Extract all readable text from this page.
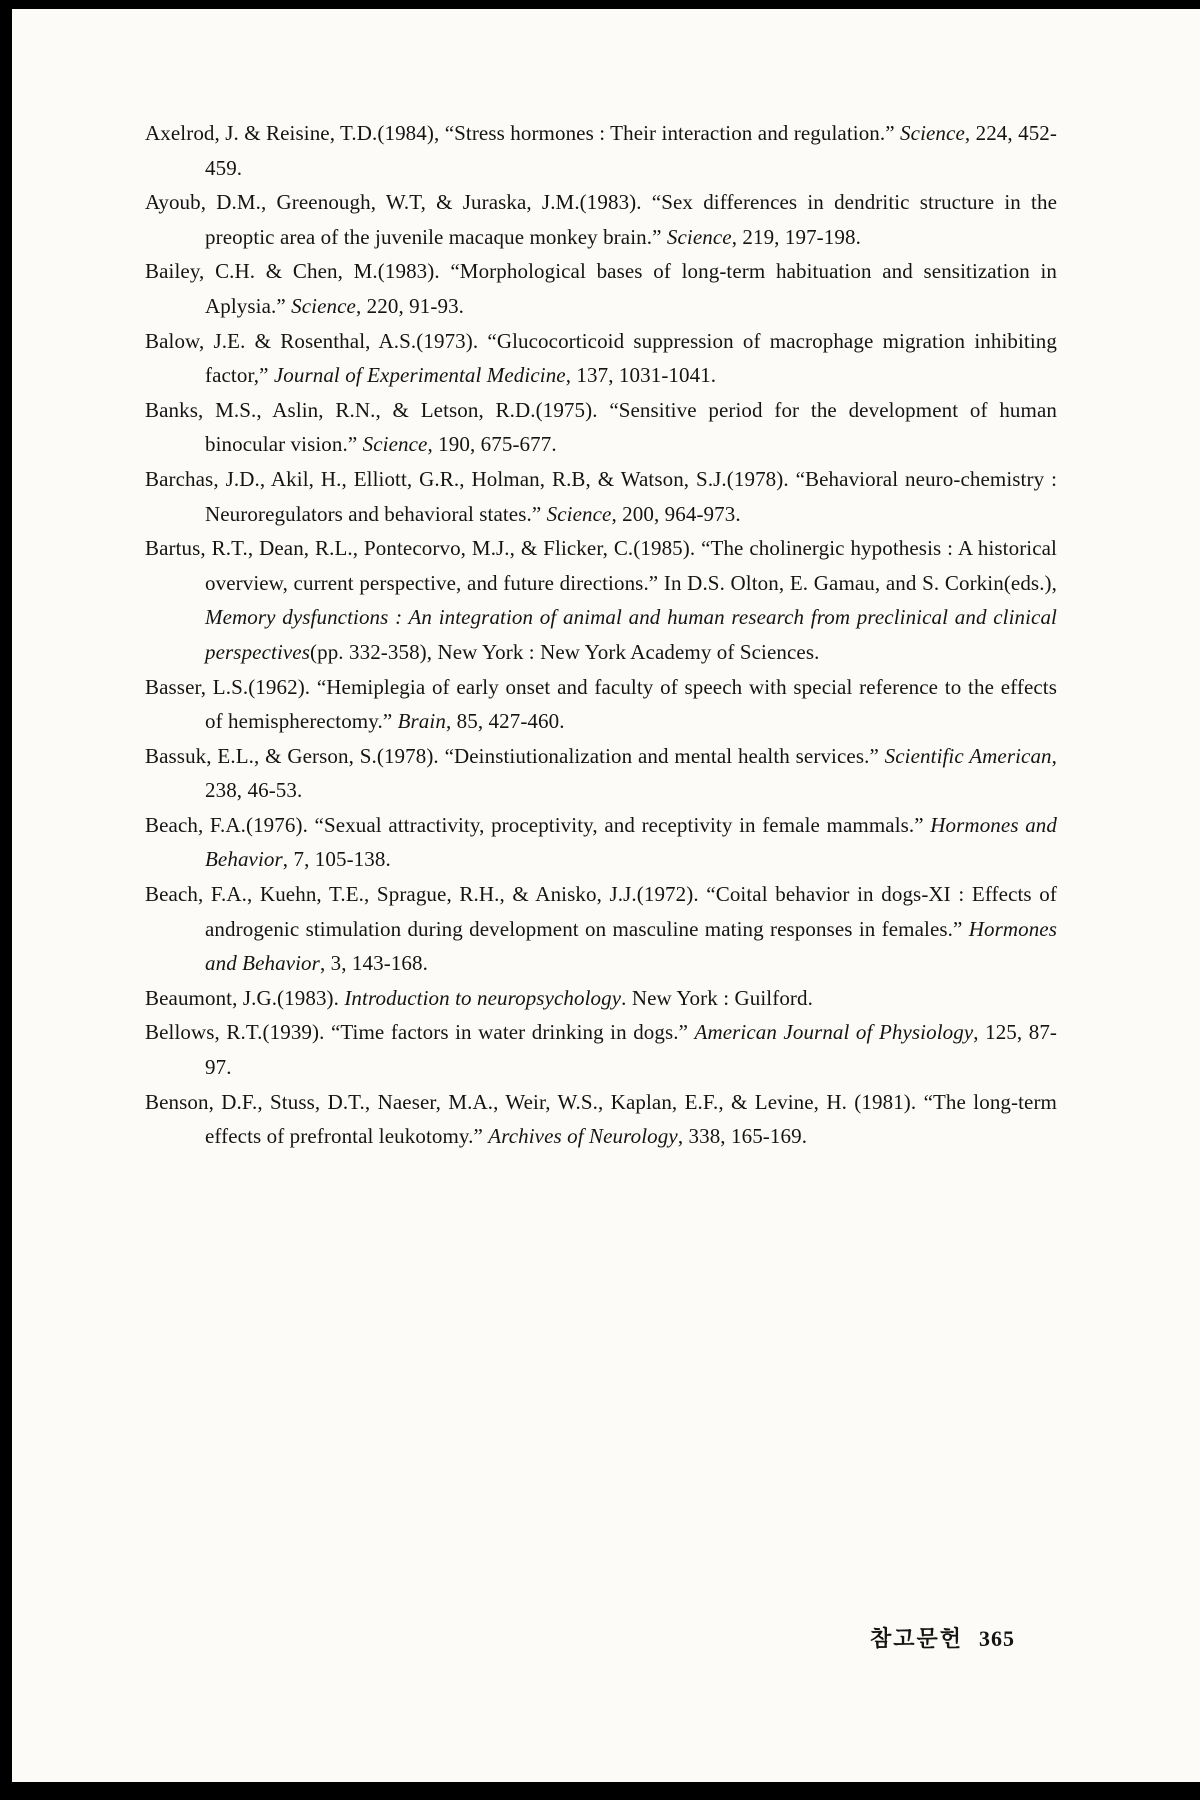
Axelrod, J. & Reisine, T.D.(1984), “Stress hormones : Their interaction and regulation.” Science, 224, 452-459.

Ayoub, D.M., Greenough, W.T, & Juraska, J.M.(1983). “Sex differences in dendritic structure in the preoptic area of the juvenile macaque monkey brain.” Science, 219, 197-198.

Bailey, C.H. & Chen, M.(1983). “Morphological bases of long-term habituation and sensitization in Aplysia.” Science, 220, 91-93.

Balow, J.E. & Rosenthal, A.S.(1973). “Glucocorticoid suppression of macrophage migration inhibiting factor,” Journal of Experimental Medicine, 137, 1031-1041.

Banks, M.S., Aslin, R.N., & Letson, R.D.(1975). “Sensitive period for the development of human binocular vision.” Science, 190, 675-677.

Barchas, J.D., Akil, H., Elliott, G.R., Holman, R.B, & Watson, S.J.(1978). “Behavioral neuro-chemistry : Neuroregulators and behavioral states.” Science, 200, 964-973.

Bartus, R.T., Dean, R.L., Pontecorvo, M.J., & Flicker, C.(1985). “The cholinergic hypothesis : A historical overview, current perspective, and future directions.” In D.S. Olton, E. Gamau, and S. Corkin(eds.), Memory dysfunctions : An integration of animal and human research from preclinical and clinical perspectives(pp. 332-358), New York : New York Academy of Sciences.

Basser, L.S.(1962). “Hemiplegia of early onset and faculty of speech with special reference to the effects of hemispherectomy.” Brain, 85, 427-460.

Bassuk, E.L., & Gerson, S.(1978). “Deinstiutionalization and mental health services.” Scientific American, 238, 46-53.

Beach, F.A.(1976). “Sexual attractivity, proceptivity, and receptivity in female mammals.” Hormones and Behavior, 7, 105-138.

Beach, F.A., Kuehn, T.E., Sprague, R.H., & Anisko, J.J.(1972). “Coital behavior in dogs-XI : Effects of androgenic stimulation during development on masculine mating responses in females.” Hormones and Behavior, 3, 143-168.

Beaumont, J.G.(1983). Introduction to neuropsychology. New York : Guilford.

Bellows, R.T.(1939). “Time factors in water drinking in dogs.” American Journal of Physiology, 125, 87-97.

Benson, D.F., Stuss, D.T., Naeser, M.A., Weir, W.S., Kaplan, E.F., & Levine, H. (1981). “The long-term effects of prefrontal leukotomy.” Archives of Neurology, 338, 165-169.

참고문헌 365
